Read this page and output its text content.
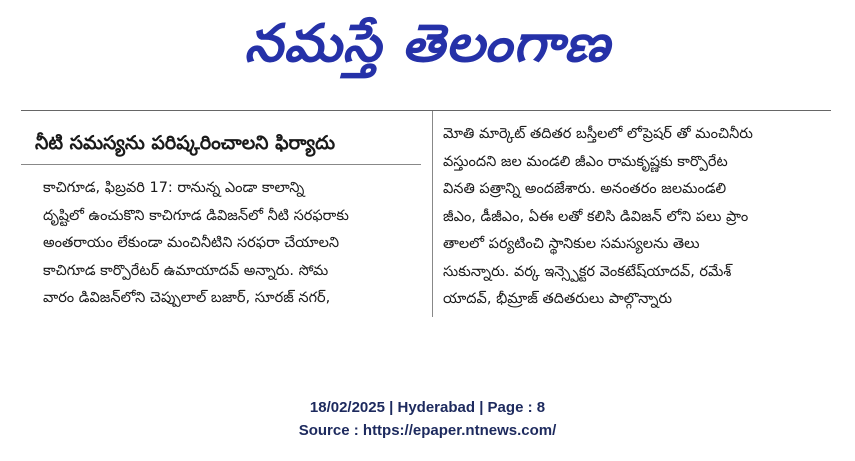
నమస్తే తెలంగాణ
నీటి సమస్యను పరిష్కరించాలని ఫిర్యాదు
కాచిగూడ, ఫిబ్రవరి 17: రానున్న ఎండా కాలాన్ని
దృష్టిలో ఉంచుకొని కాచిగూడ డివిజన్‌లో నీటి సరఫరాకు
అంతరాయం లేకుండా మంచినీటిని సరఫరా చేయాలని
కాచిగూడ కార్పొరేటర్ ఉమాయాదవ్ అన్నారు. సోమ
వారం డివిజన్‌లోని చెప్పులాల్ బజార్, సూరజ్ నగర్,
మోతి మార్కెట్ తదితర బస్తీలలో లోప్రెషర్ తో మంచినీరు
వస్తుందని జల మండలి జీఎం రామకృష్ణకు కార్పొరేట
వినతి పత్రాన్ని అందజేశారు. అనంతరం జలమండలి
జీఎం, డీజీఎం, ఏఈ లతో కలిసి డివిజన్ లోని పలు ప్రాం
తాలలో పర్యటించి స్థానికుల సమస్యలను తెలు
సుకున్నారు. వర్క ఇన్స్పెక్టర వెంకటేష్‌యాదవ్, రమేశ్
యాదవ్, భీమ్రాజ్ తదితరులు పాల్గొన్నారు
18/02/2025 | Hyderabad | Page : 8
Source : https://epaper.ntnews.com/
